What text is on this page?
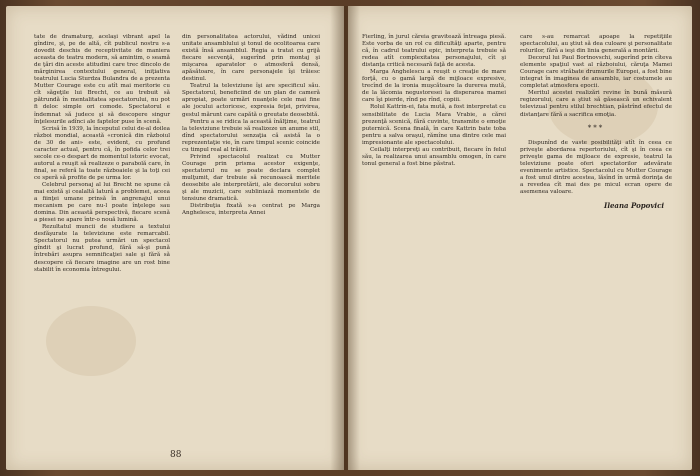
tate de dramaturg, acelaşi vibrant apel la gîndire, şi, pe de altă, cît publicul nostru s-a dovedit deschis de receptivitate de maniera aceasta de teatru modern, să amintim, o seamă de ţări din aceste atitudini care trec dincolo de mărginirea contextului general, iniţiativa teatrului Lucia Sturdza Bulandra de a prezenta Mutter Courage este cu atît mai meritorie cu cît săgeţile lui Brecht, ce au trebuit să pătrundă în mentalitatea spectatorului, nu pot fi deloc simple ori comode. Spectatorul e îndemnat să judece şi să descopere singur înţelesurile adînci ale faptelor puse în scenă.

Scrisă în 1939, la începutul celui de-al doilea război mondial, această «cronică din războiul de 30 de ani» este, evident, cu profund caracter actual, pentru că, în pofida celor trei secole ce-o despart de momentul istoric evocat, autorul a reuşit să realizeze o parabolă care, în final, se referă la toate războaiele şi la toţi cei ce speră să profite de pe urma lor.

Celebrul personaj al lui Brecht ne spune că mai există şi cealaltă latură a problemei, aceea a fiinţei umane prinsă în angrenajul unui mecanism pe care nu-l poate înţelege sau domina. Din această perspectivă, fiecare scenă a piesei ne apare într-o nouă lumină.

Rezultatul muncii de studiere a textului desfăşurate la televiziune este remarcabil. Spectatorul nu putea urmări un spectacol gîndit şi lucrat profund, fără să-şi pună întrebări asupra semnificaţiei sale şi fără să descopere că fiecare imagine are un rost bine stabilit în economia întregului.

din personalitatea actorului, vădind unicei unitate ansamblului şi tonul de ocolitoarea care există însă ansamblul. Regia a tratat cu grijă fiecare secvenţă, sugerînd prin montaj şi mişcarea aparatelor o atmosferă densă, apăsătoare, în care personajele îşi trăiesc destinul.

Teatrul la televiziune îşi are specificul său. Spectatorul, beneficiind de un plan de cameră apropiat, poate urmări nuanţele cele mai fine ale jocului actoricesc, expresia feţei, privirea, gestul mărunt care capătă o greutate deosebită.

Pentru a se ridica la această înălţime, teatrul la televiziune trebuie să realizeze un anume stil, dînd spectatorului senzaţia că asistă la o reprezentaţie vie, în care timpul scenic coincide cu timpul real al trăirii.

Privind spectacolul realizat cu Mutter Courage prin prisma acestor exigenţe, spectatorul nu se poate declara complet mulţumit, dar trebuie să recunoască meritele deosebite ale interpretării, ale decorului sobru şi ale muzicii, care subliniază momentele de tensiune dramatică.

Distribuţia fixată s-a centrat pe Marga Anghelescu, interpreta Annei

88

Fierling, în jurul căreia gravitează întreaga piesă. Este vorba de un rol cu dificultăţi aparte, pentru că, în cadrul teatrului epic, interpreta trebuie să redea atît complexitatea personajului, cît şi distanţa critică necesară faţă de acesta.

Marga Anghelescu a reuşit o creaţie de mare forţă, cu o gamă largă de mijloace expresive, trecînd de la ironia muşcătoare la durerea mută, de la lăcomia negustoresei la disperarea mamei care îşi pierde, rînd pe rînd, copiii.

Rolul Kattrin-ei, fata mută, a fost interpretat cu sensibilitate de Lucia Mara Vrabie, a cărei prezenţă scenică, fără cuvinte, transmite o emoţie puternică. Scena finală, în care Kattrin bate toba pentru a salva oraşul, rămîne una dintre cele mai impresionante ale spectacolului.

Ceilalţi interpreţi au contribuit, fiecare în felul său, la realizarea unui ansamblu omogen, în care tonul general a fost bine păstrat.

care s-au remarcat apoape la repetiţiile spectacolului, au ştiut să dea culoare şi personalitate rolurilor, fără a ieşi din linia generală a montării.

Decorul lui Paul Bortnovschi, sugerînd prin cîteva elemente spaţiul vast al războiului, căruţa Mamei Courage care străbate drumurile Europei, a fost bine integrat în imaginea de ansamblu, iar costumele au completat atmosfera epocii.

Meritul acestei realizări revine în bună măsură regizorului, care a ştiut să găsească un echivalent televizual pentru stilul brechtian, păstrînd efectul de distanţare fără a sacrifica emoţia.

***

Dispunînd de vaste posibilităţi atît în ceea ce priveşte abordarea repertoriului, cît şi în ceea ce priveşte gama de mijloace de expresie, teatrul la televiziune poate oferi spectatorilor adevărate evenimente artistice. Spectacolul cu Mutter Courage a fost unul dintre acestea, lăsînd în urmă dorinţa de a revedea cît mai des pe micul ecran opere de asemenea valoare.

Ileana Popovici
